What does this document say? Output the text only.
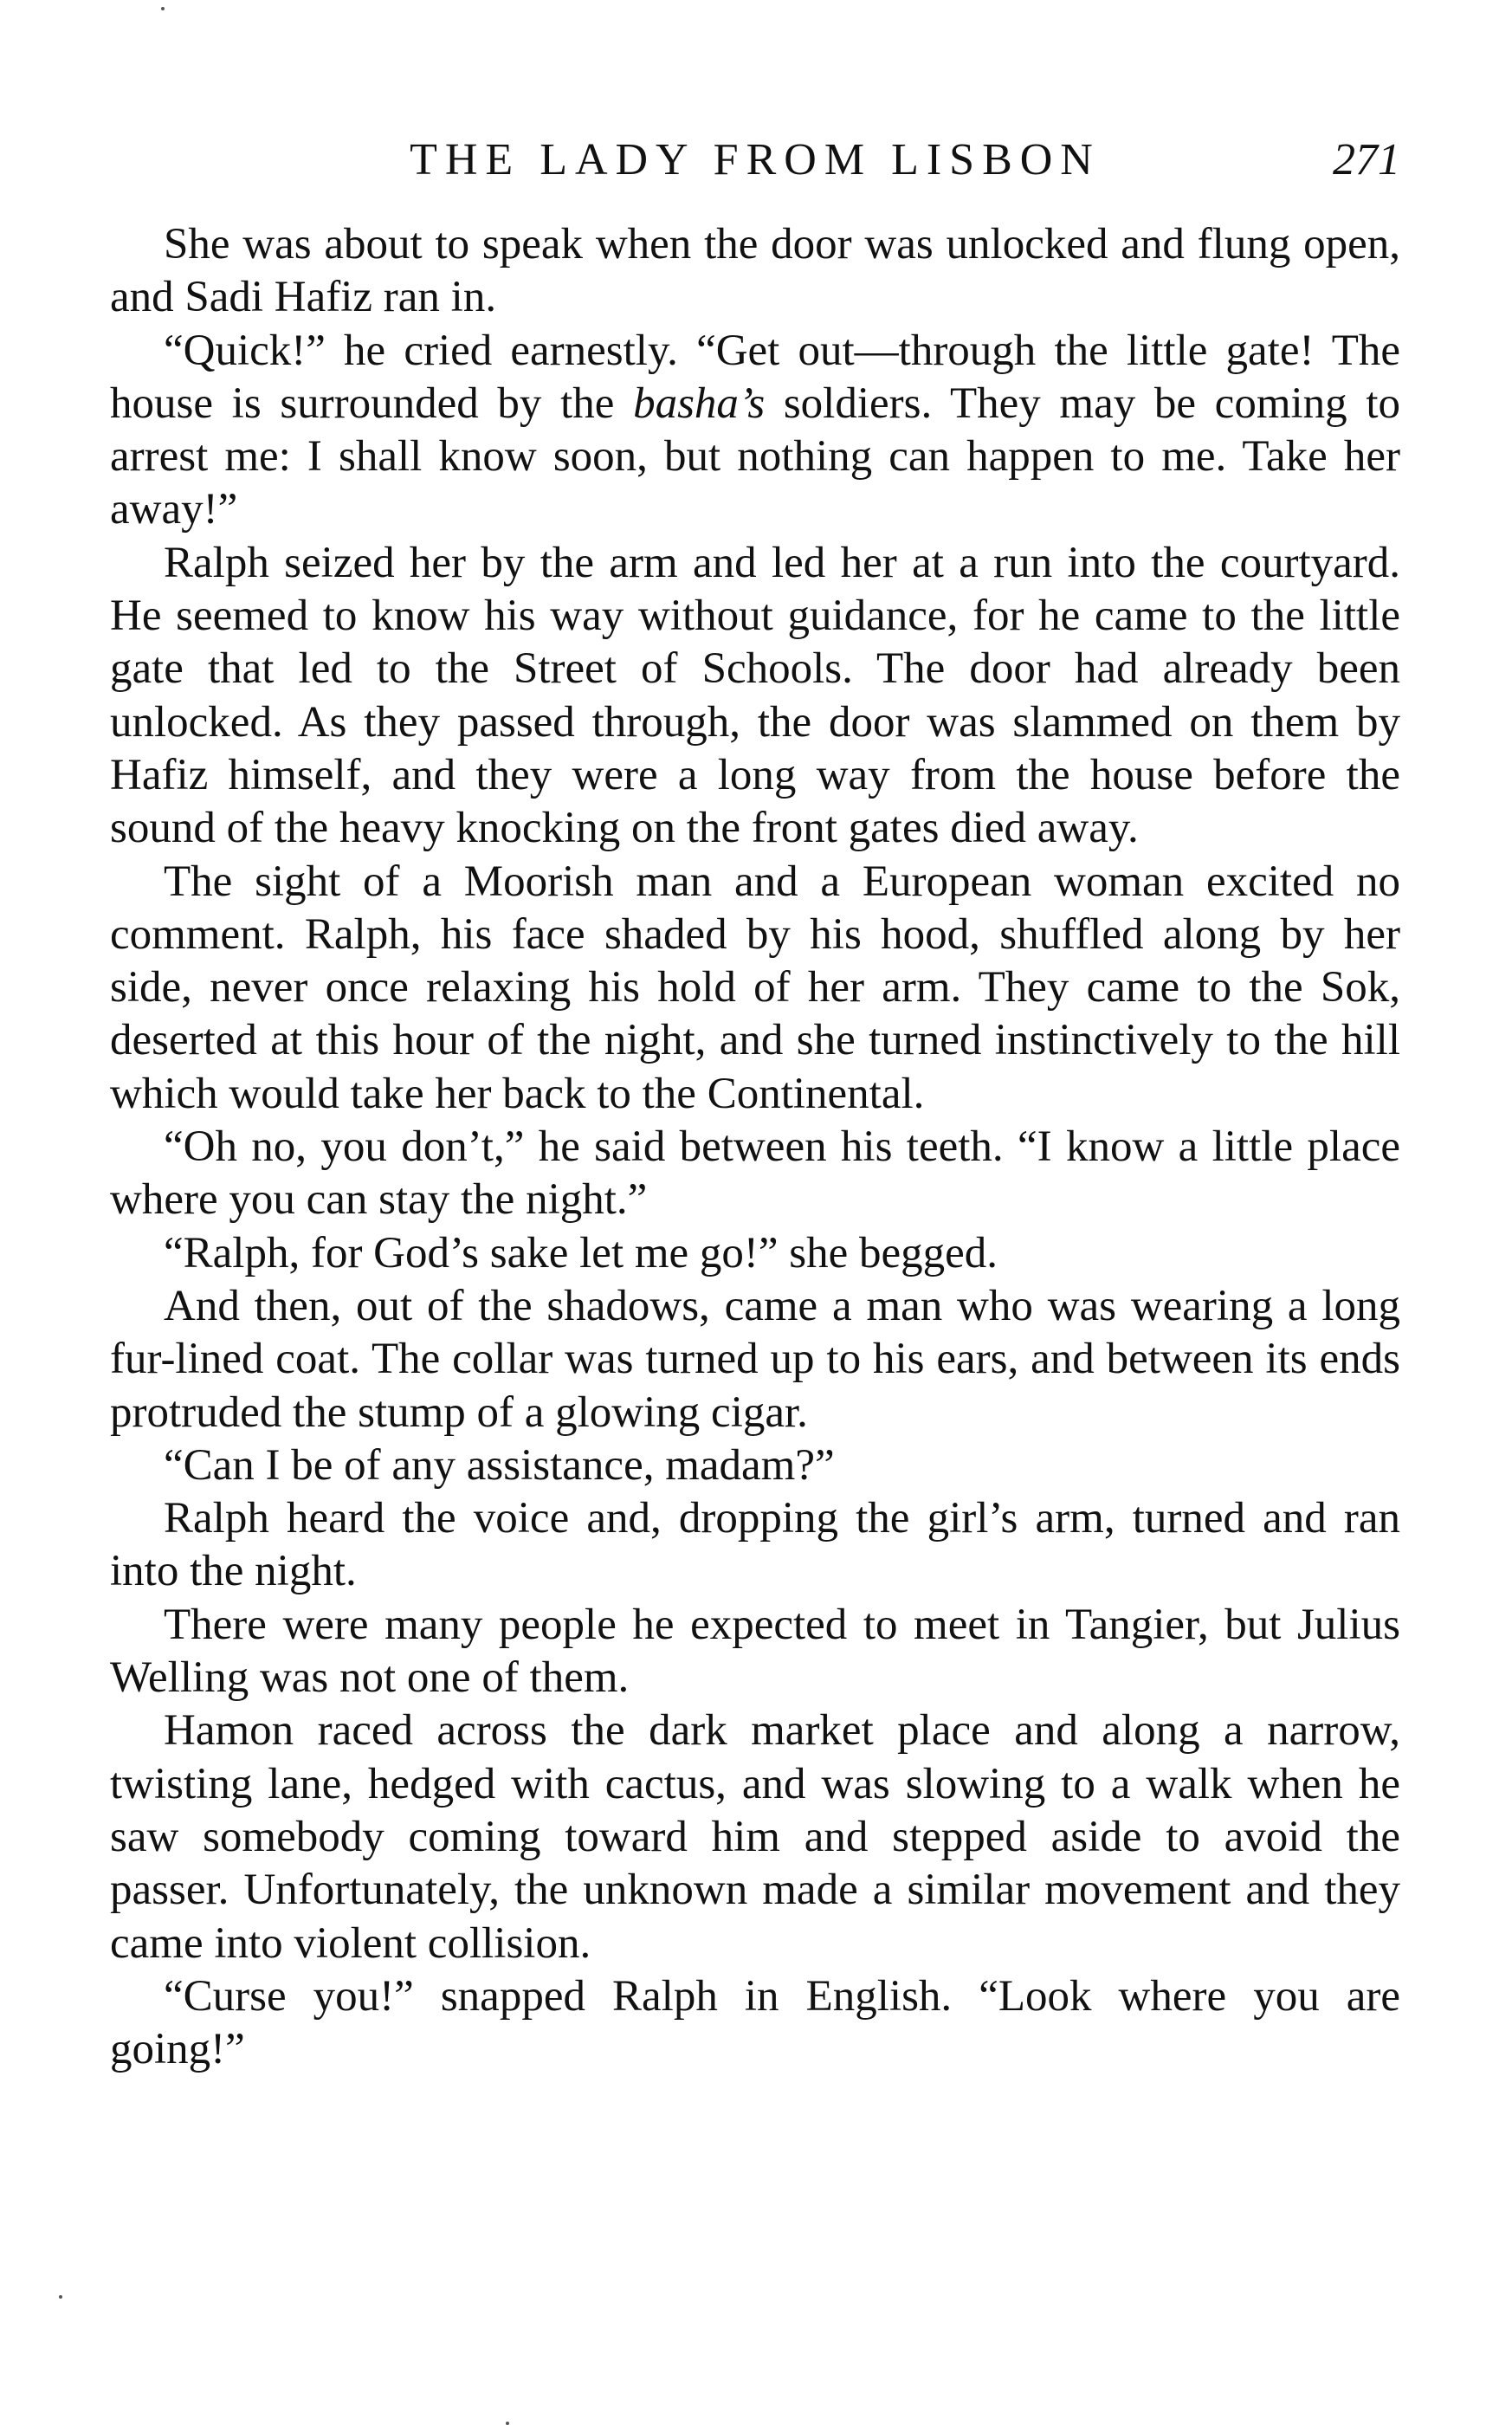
THE LADY FROM LISBON	271

She was about to speak when the door was unlocked and flung open, and Sadi Hafiz ran in.

“Quick!” he cried earnestly. “Get out—through the little gate! The house is surrounded by the basha’s soldiers. They may be coming to arrest me: I shall know soon, but nothing can happen to me. Take her away!”

Ralph seized her by the arm and led her at a run into the courtyard. He seemed to know his way without guidance, for he came to the little gate that led to the Street of Schools. The door had already been unlocked. As they passed through, the door was slammed on them by Hafiz himself, and they were a long way from the house before the sound of the heavy knocking on the front gates died away.

The sight of a Moorish man and a European woman excited no comment. Ralph, his face shaded by his hood, shuffled along by her side, never once relaxing his hold of her arm. They came to the Sok, deserted at this hour of the night, and she turned instinctively to the hill which would take her back to the Continental.

“Oh no, you don’t,” he said between his teeth. “I know a little place where you can stay the night.”

“Ralph, for God’s sake let me go!” she begged.

And then, out of the shadows, came a man who was wearing a long fur-lined coat. The collar was turned up to his ears, and between its ends protruded the stump of a glowing cigar.

“Can I be of any assistance, madam?”

Ralph heard the voice and, dropping the girl’s arm, turned and ran into the night.

There were many people he expected to meet in Tangier, but Julius Welling was not one of them.

Hamon raced across the dark market place and along a narrow, twisting lane, hedged with cactus, and was slowing to a walk when he saw somebody coming toward him and stepped aside to avoid the passer. Unfortunately, the unknown made a similar movement and they came into violent collision.

“Curse you!” snapped Ralph in English. “Look where you are going!”
